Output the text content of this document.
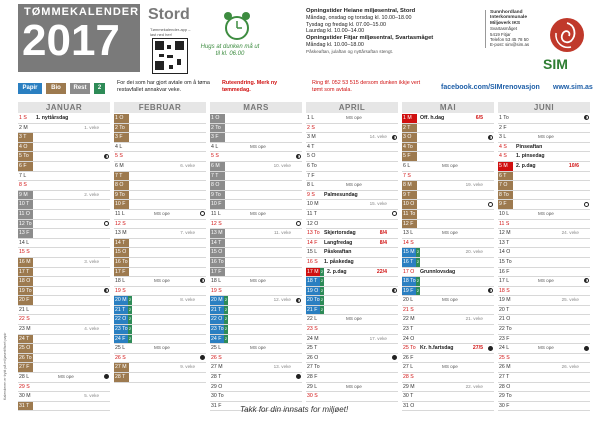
TØMMEKALENDER
2017
Stord
Tømmekalender-app – last ned her!
Hugs at dunken må ut til kl. 06.00
Opningstider Heiane miljøsentral, Stord
Måndag, onsdag og torsdag kl. 10.00–18.00
Tysdag og fredag kl. 07.00–15.00
Laurdag kl. 10.00–14.00
Opningstider Fitjar miljøsentral, Svartasmåget
Måndag kl. 10.00–18.00
Påskeaftan, julaftan og nyttårsaftan stengt.
Sunnhordland Interkommunale Miljøverk IKS
Svartasmåget
5419 Fitjar
Telefon 53 45 78 50
E-post: sim@sim.as
SIM
Papir	Bio	Rest	2
For dei som har gjort avtale om å tøma restavfallet annakvar veke.
Ruteendring. Merk ny tømmedag.
Ring tlf. 052 53 515 dersom dunken ikkje vert tømt som avtala.	facebook.com/SIMrenovasjon www.sim.as
JANUAR
1 S	1. nyttårsdag
2 M	1. veke
3 T
4 O
5 To
6 F
7 L
8 S
9 M	2. veke
10 T
11 O
12 To
13 F
14 L
15 S
16 M	3. veke
17 T
18 O
19 To
20 F
21 L
22 S
23 M	4. veke
24 T
25 O
26 To
27 F
28 L	MS ope
29 S
30 M	5. veke
31 T
FEBRUAR
1 O
2 To
3 F
4 L
5 S
6 M	6. veke
7 T
8 O
9 To
10 F
11 L	MS ope
12 S
13 M	7. veke
14 T
15 O
16 To
17 F
18 L	MS ope
19 S
20 M 2	8. veke
21 T 2
22 O 2
23 To 2
24 F 2
25 L	MS ope
26 S
27 M	9. veke
28 T
MARS
1 O
2 To
3 F
4 L	MS ope
5 S
6 M	10. veke
7 T
8 O
9 To
10 F
11 L	MS ope
12 S
13 M	11. veke
14 T
15 O
16 To
17 F
18 L	MS ope
19 S
20 M 2	12. veke
21 T 2
22 O 2
23 To 2
24 F 2
25 L	MS ope
26 S
27 M	13. veke
28 T
29 O
30 To
31 F
APRIL
1 L	MS ope
2 S
3 M	14. veke
4 T
5 O
6 To
7 F
8 L	MS ope
9 S	Palmesundag
10 M	15. veke
11 T
12 O
13 To Skjertorsdag	8/4
14 F	Langfredag	8/4
15 L	Påskeaftan
16 S	1. påskedag
17 M 2 2. p.dag	22/4
18 T 2
19 O 2
20 To 2
21 F 2
22 L	MS ope
23 S
24 M	17. veke
25 T
26 O
27 To
28 F
29 L	MS ope
30 S
MAI
1 M	Off. h.dag	6/5
2 T
3 O
4 To
5 F
6 L	MS ope
7 S
8 M	19. veke
9 T
10 O
11 To
12 F
13 L	MS ope
14 S
15 M 2	20. veke
16 T 2
17 O	Grunnlovsdag
18 To 2
19 F 2
20 L	MS ope
21 S
22 M	21. veke
23 T
24 O
25 To Kr. h.fartsdag	27/5
26 F
27 L	MS ope
28 S
29 M	22. veke
30 T
31 O
JUNI
1 To
2 F
3 L	MS ope
4 S	Pinseaftan
4 S	1. pinsedag
5 M	2. p.dag	10/6
6 T
7 O
8 To
9 F
10 L	MS ope
11 S
12 M	24. veke
13 T
14 O
15 To
16 F
17 L	MS ope
18 S
19 M	25. veke
20 T
21 O
22 To
23 F
24 L	MS ope
25 S
26 M	26. veke
27 T
28 O
29 To
30 F
Kalenderen er trykt på miljøsertifisert papir
Takk for din innsats for miljøet!
